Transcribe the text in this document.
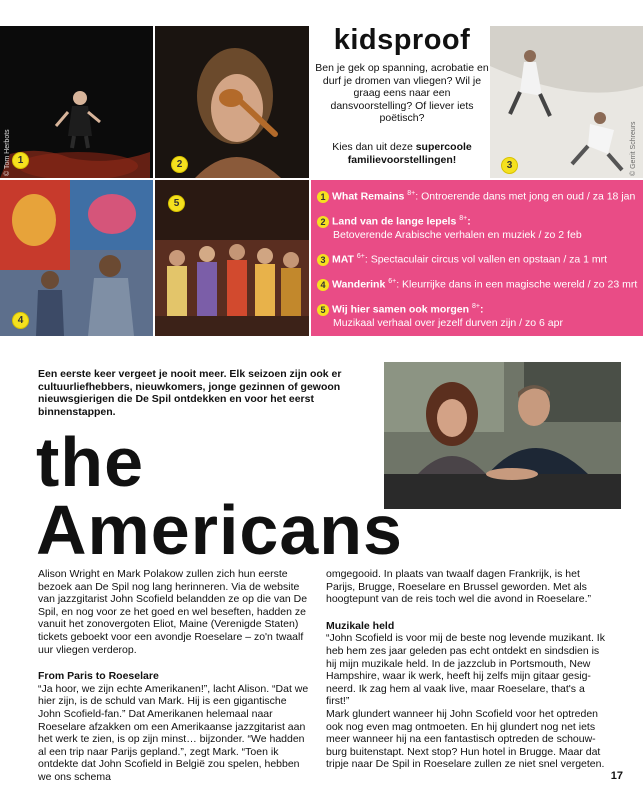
© Tom Herbots	© Gerrit Schreurs
1	2	3
4
5
kidsproof
Ben je gek op spanning, acrobatie en durf je dromen van vliegen? Wil je graag eens naar een dansvoorstelling? Of liever iets poëtisch?
Kies dan uit deze supercoole familievoorstellingen!
1 What Remains $^{8+}$: Ontroerende dans met jong en oud / za 18 jan
2 Land van de lange lepels $^{8+}$:
Betoverende Arabische verhalen en muziek / zo 2 feb
3 MAT $^{6+}$: Spectaculair circus vol vallen en opstaan / za 1 mrt
4 Wanderink $^{6+}$: Kleurrijke dans in een magische wereld / zo 23 mrt
5 Wij hier samen ook morgen $^{8+}$:
Muzikaal verhaal over jezelf durven zijn / zo 6 apr
Een eerste keer vergeet je nooit meer. Elk seizoen zijn ook er cultuurliefhebbers, nieuwkomers, jonge gezinnen of gewoon nieuwsgierigen die De Spil ontdekken en voor het eerst binnenstappen.
the
Americans

Alison Wright en Mark Polakow zullen zich hun eerste bezoek aan De Spil nog lang herinneren. Via de website van jazzgitarist John Scofield belandden ze op die van De Spil, en nog voor ze het goed en wel beseften, hadden ze vanuit het zonovergoten Eliot, Maine (Verenigde Staten) tickets geboekt voor een avondje Roeselare – zo'n twaalf uur vliegen verderop.

From Paris to Roeselare

“Ja hoor, we zijn echte Amerikanen!”, lacht Alison. “Dat we hier zijn, is de schuld van Mark. Hij is een gigantische John Scofield-fan.” Dat Amerikanen helemaal naar Roeselare afzakken om een Amerikaanse jazzgitarist aan het werk te zien, is op zijn minst… bijzonder. “We hadden al een trip naar Parijs gepland.”, zegt Mark. “Toen ik ontdekte dat John Scofield in België zou spelen, hebben we ons schema

omgegooid. In plaats van twaalf dagen Frankrijk, is het Parijs, Brugge, Roeselare en Brussel geworden. Met als hoogtepunt van de reis toch wel die avond in Roeselare.”

Muzikale held

“John Scofield is voor mij de beste nog levende muzikant. Ik heb hem zes jaar geleden pas echt ontdekt en sindsdien is hij mijn muzikale held. In de jazzclub in Portsmouth, New Hampshire, waar ik werk, heeft hij zelfs mijn gitaar gesig-neerd. Ik zag hem al vaak live, maar Roeselare, that's a first!”

Mark glundert wanneer hij John Scofield voor het optreden ook nog even mag ontmoeten. En hij glundert nog net iets meer wanneer hij na een fantastisch optreden de schouw-burg buitenstapt. Next stop? Hun hotel in Brugge. Maar dat tripje naar De Spil in Roeselare zullen ze niet snel vergeten.

17
